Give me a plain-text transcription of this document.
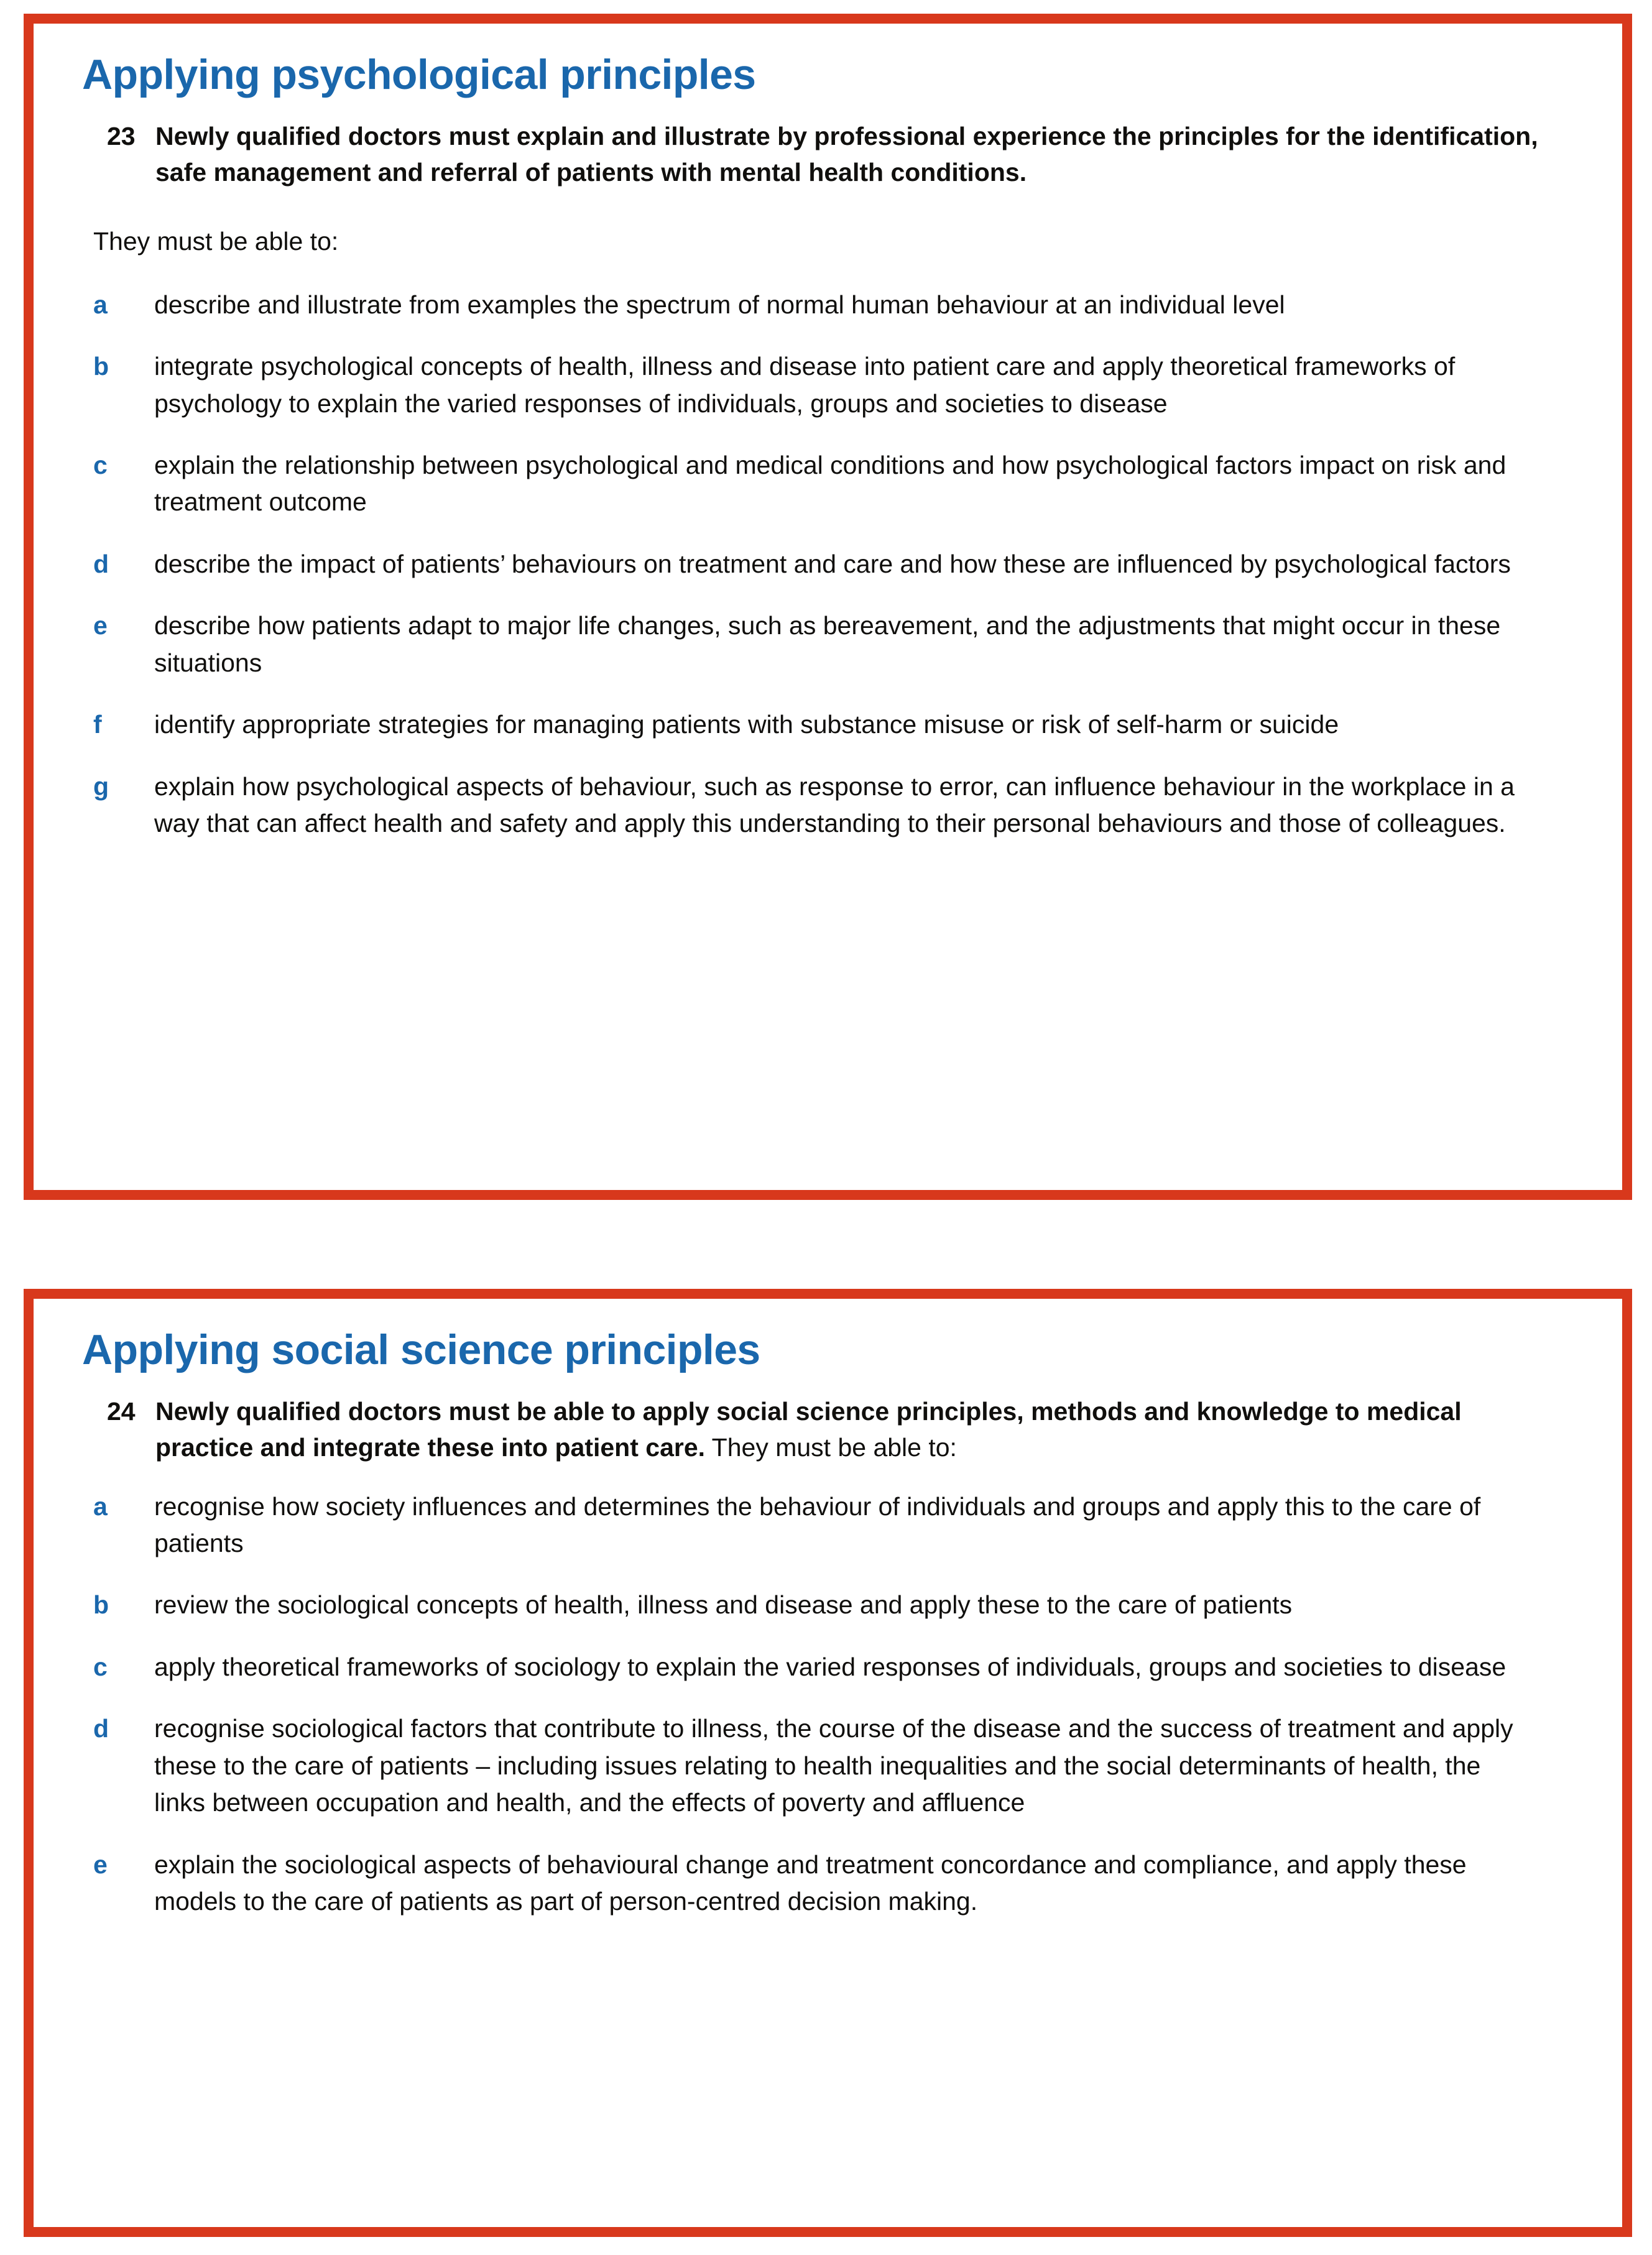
Applying psychological principles
23 Newly qualified doctors must explain and illustrate by professional experience the principles for the identification, safe management and referral of patients with mental health conditions.

They must be able to:

a	describe and illustrate from examples the spectrum of normal human behaviour at an individual level
b	integrate psychological concepts of health, illness and disease into patient care and apply theoretical frameworks of psychology to explain the varied responses of individuals, groups and societies to disease
c	explain the relationship between psychological and medical conditions and how psychological factors impact on risk and treatment outcome
d	describe the impact of patients’ behaviours on treatment and care and how these are influenced by psychological factors
e	describe how patients adapt to major life changes, such as bereavement, and the adjustments that might occur in these situations
f	identify appropriate strategies for managing patients with substance misuse or risk of self-harm or suicide
g	explain how psychological aspects of behaviour, such as response to error, can influence behaviour in the workplace in a way that can affect health and safety and apply this understanding to their personal behaviours and those of colleagues.
Applying social science principles
24 Newly qualified doctors must be able to apply social science principles, methods and knowledge to medical practice and integrate these into patient care. They must be able to:
a	recognise how society influences and determines the behaviour of individuals and groups and apply this to the care of patients
b	review the sociological concepts of health, illness and disease and apply these to the care of patients
c	apply theoretical frameworks of sociology to explain the varied responses of individuals, groups and societies to disease
d	recognise sociological factors that contribute to illness, the course of the disease and the success of treatment and apply these to the care of patients – including issues relating to health inequalities and the social determinants of health, the links between occupation and health, and the effects of poverty and affluence
e	explain the sociological aspects of behavioural change and treatment concordance and compliance, and apply these models to the care of patients as part of person-centred decision making.
